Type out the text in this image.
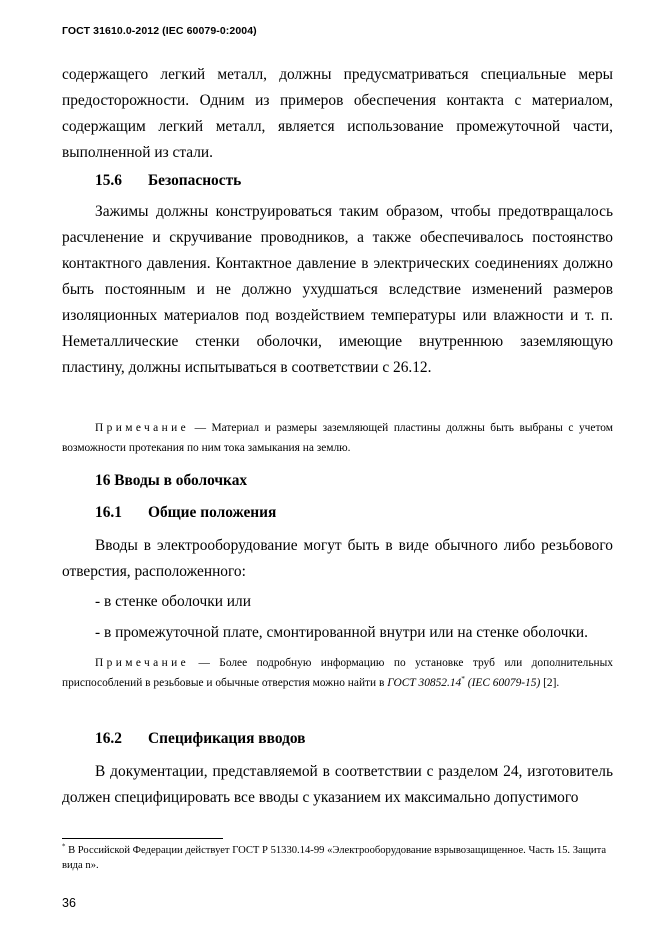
ГОСТ 31610.0-2012 (IEC 60079-0:2004)

содержащего легкий металл, должны предусматриваться специальные меры предосторожности. Одним из примеров обеспечения контакта с материалом, содержащим легкий металл, является использование промежуточной части, выполненной из стали.

15.6 Безопасность

Зажимы должны конструироваться таким образом, чтобы предотвращалось расчленение и скручивание проводников, а также обеспечивалось постоянство контактного давления. Контактное давление в электрических соединениях должно быть постоянным и не должно ухудшаться вследствие изменений размеров изоляционных материалов под воздействием температуры или влажности и т. п. Неметаллические стенки оболочки, имеющие внутреннюю заземляющую пластину, должны испытываться в соответствии с 26.12.

Примечание — Материал и размеры заземляющей пластины должны быть выбраны с учетом возможности протекания по ним тока замыкания на землю.

16 Вводы в оболочках
16.1 Общие положения

Вводы в электрооборудование могут быть в виде обычного либо резьбового отверстия, расположенного:

- в стенке оболочки или

- в промежуточной плате, смонтированной внутри или на стенке оболочки.

Примечание — Более подробную информацию по установке труб или дополнительных приспособлений в резьбовые и обычные отверстия можно найти в ГОСТ 30852.14* (IEC 60079-15) [2].

16.2 Спецификация вводов

В документации, представляемой в соответствии с разделом 24, изготовитель должен специфицировать все вводы с указанием их максимально допустимого

* В Российской Федерации действует ГОСТ Р 51330.14-99 «Электрооборудование взрывозащищенное. Часть 15. Защита вида n».

36
